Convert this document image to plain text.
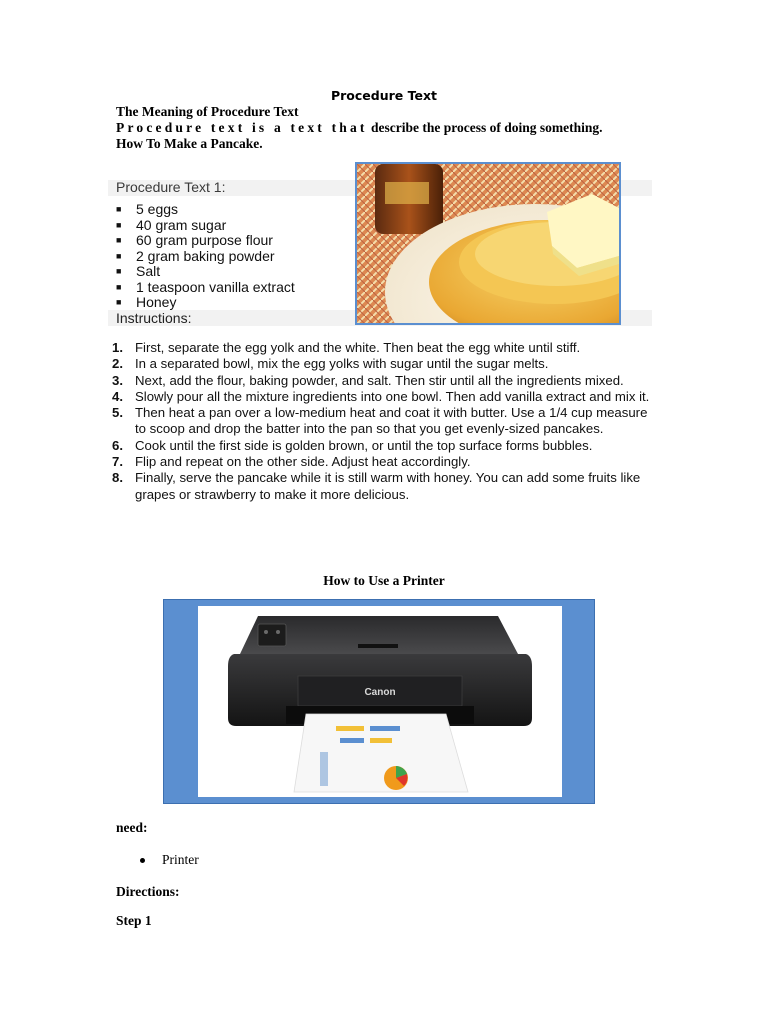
Procedure Text
The Meaning of Procedure Text
Procedure text is a text that describe the process of doing something.
How To Make a Pancake.
Procedure Text 1:
■ 5 eggs
■ 40 gram sugar
■ 60 gram purpose flour
■ 2 gram baking powder
■ Salt
■ 1 teaspoon vanilla extract
■ Honey
Instructions:
1. First, separate the egg yolk and the white. Then beat the egg white until stiff.
2. In a separated bowl, mix the egg yolks with sugar until the sugar melts.
3. Next, add the flour, baking powder, and salt. Then stir until all the ingredients mixed.
4. Slowly pour all the mixture ingredients into one bowl. Then add vanilla extract and mix it.
5. Then heat a pan over a low-medium heat and coat it with butter. Use a 1/4 cup measure to scoop and drop the batter into the pan so that you get evenly-sized pancakes.
6. Cook until the first side is golden brown, or until the top surface forms bubbles.
7. Flip and repeat on the other side. Adjust heat accordingly.
8. Finally, serve the pancake while it is still warm with honey. You can add some fruits like grapes or strawberry to make it more delicious.
How to Use a Printer
Canon
need:
Printer
Directions:
Step 1
